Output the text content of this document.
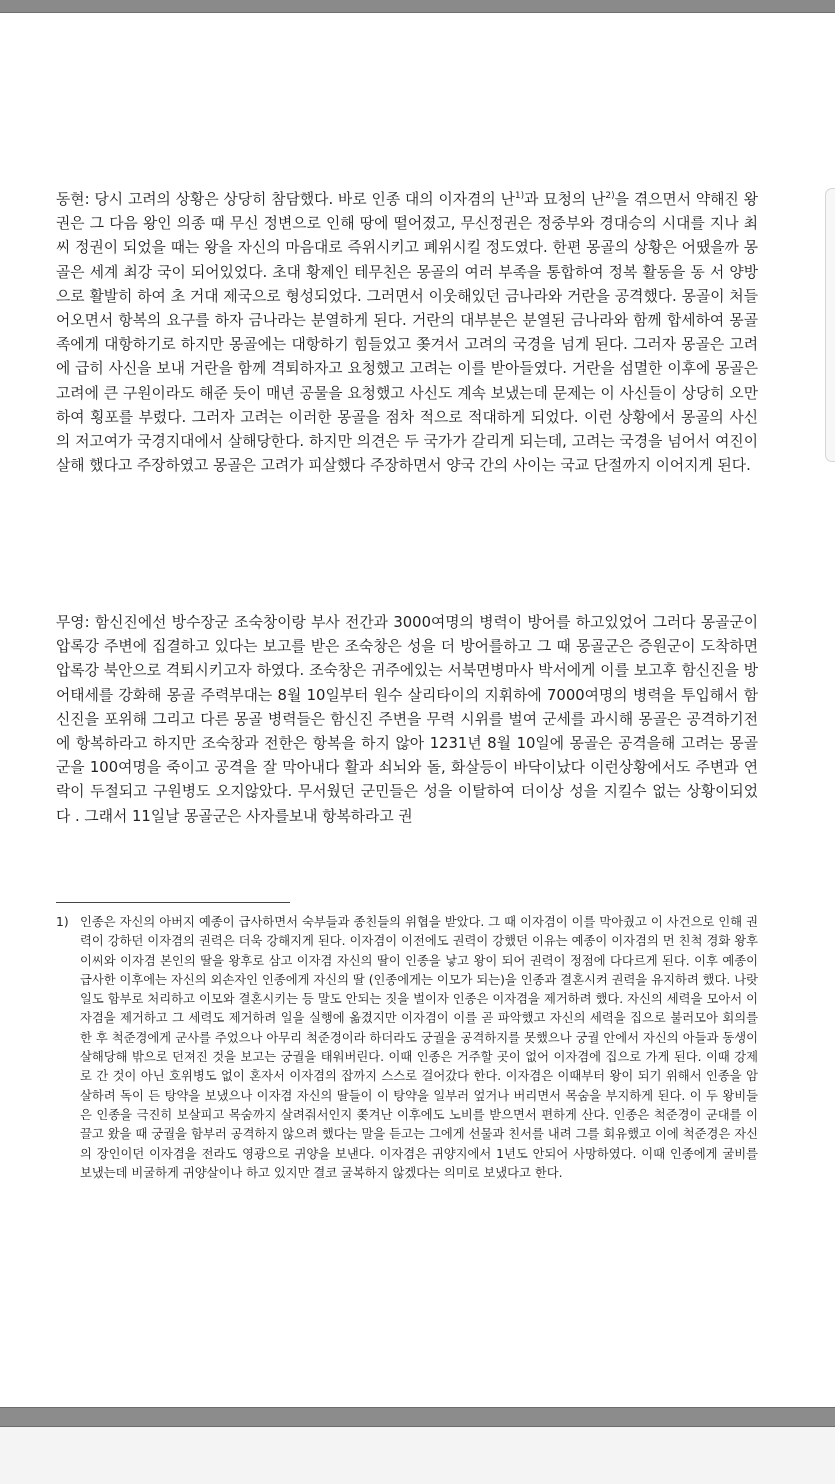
동현: 당시 고려의 상황은 상당히 참담했다. 바로 인종 대의 이자겸의 난$^{1)}$과 묘청의 난$^{2)}$을 겪으면서 약해진 왕권은 그 다음 왕인 의종 때 무신 정변으로 인해 땅에 떨어졌고, 무신정권은 정중부와 경대승의 시대를 지나 최씨 정권이 되었을 때는 왕을 자신의 마음대로 즉위시키고 폐위시킬 정도였다. 한편 몽골의 상황은 어땠을까 몽골은 세계 최강 국이 되어있었다. 초대 황제인 테무친은 몽골의 여러 부족을 통합하여 정복 활동을 동 서 양방으로 활발히 하여 초 거대 제국으로 형성되었다. 그러면서 이웃해있던 금나라와 거란을 공격했다. 몽골이 처들어오면서 항복의 요구를 하자 금나라는 분열하게 된다. 거란의 대부분은 분열된 금나라와 함께 합세하여 몽골족에게 대항하기로 하지만 몽골에는 대항하기 힘들었고 쫒겨서 고려의 국경을 넘게 된다. 그러자 몽골은 고려에 급히 사신을 보내 거란을 함께 격퇴하자고 요청했고 고려는 이를 받아들였다. 거란을 섬멸한 이후에 몽골은 고려에 큰 구원이라도 해준 듯이 매년 공물을 요청했고 사신도 계속 보냈는데 문제는 이 사신들이 상당히 오만하여 횡포를 부렸다. 그러자 고려는 이러한 몽골을 점차 적으로 적대하게 되었다. 이런 상황에서 몽골의 사신의 저고여가 국경지대에서 살해당한다. 하지만 의견은 두 국가가 갈리게 되는데, 고려는 국경을 넘어서 여진이 살해 했다고 주장하였고 몽골은 고려가 피살했다 주장하면서 양국 간의 사이는 국교 단절까지 이어지게 된다.

무영: 함신진에선 방수장군 조숙창이랑 부사 전간과 3000여명의 병력이 방어를 하고있었어 그러다 몽골군이 압록강 주변에 집결하고 있다는 보고를 받은 조숙창은 성을 더 방어를하고 그 때 몽골군은 증원군이 도착하면 압록강 북안으로 격퇴시키고자 하였다. 조숙창은 귀주에있는 서북면병마사 박서에게 이를 보고후 함신진을 방어태세를 강화해 몽골 주력부대는 8월 10일부터 원수 살리타이의 지휘하에 7000여명의 병력을 투입해서 함신진을 포위해 그리고 다른 몽골 병력들은 함신진 주변을 무력 시위를 벌여 군세를 과시해 몽골은 공격하기전에 항복하라고 하지만 조숙창과 전한은 항복을 하지 않아 1231년 8월 10일에 몽골은 공격을해 고려는 몽골군을 100여명을 죽이고 공격을 잘 막아내다 활과 쇠뇌와 돌, 화살등이 바닥이났다 이런상황에서도 주변과 연락이 두절되고 구원병도 오지않았다. 무서웠던 군민들은 성을 이탈하여 더이상 성을 지킬수 없는 상황이되었다 . 그래서 11일날 몽골군은 사자를보내 항복하라고 권

1) 인종은 자신의 아버지 예종이 급사하면서 숙부들과 종친들의 위협을 받았다. 그 때 이자겸이 이를 막아줬고 이 사건으로 인해 권력이 강하던 이자겸의 권력은 더욱 강해지게 된다. 이자겸이 이전에도 권력이 강했던 이유는 예종이 이자겸의 먼 친척 경화 왕후 이씨와 이자겸 본인의 딸을 왕후로 삼고 이자겸 자신의 딸이 인종을 낳고 왕이 되어 권력이 정점에 다다르게 된다. 이후 예종이 급사한 이후에는 자신의 외손자인 인종에게 자신의 딸 (인종에게는 이모가 되는)을 인종과 결혼시켜 권력을 유지하려 했다. 나랏일도 함부로 처리하고 이모와 결혼시키는 등 말도 안되는 짓을 벌이자 인종은 이자겸을 제거하려 했다. 자신의 세력을 모아서 이자겸을 제거하고 그 세력도 제거하려 일을 실행에 옮겼지만 이자겸이 이를 곧 파악했고 자신의 세력을 집으로 불러모아 회의를 한 후 척준경에게 군사를 주었으나 아무리 척준경이라 하더라도 궁궐을 공격하지를 못했으나 궁궐 안에서 자신의 아들과 동생이 살해당해 밖으로 던져진 것을 보고는 궁궐을 태워버린다. 이때 인종은 거주할 곳이 없어 이자겸에 집으로 가게 된다. 이때 강제로 간 것이 아닌 호위병도 없이 혼자서 이자겸의 잡까지 스스로 걸어갔다 한다. 이자겸은 이때부터 왕이 되기 위해서 인종을 암살하려 독이 든 탕약을 보냈으나 이자겸 자신의 딸들이 이 탕약을 일부러 엎거나 버리면서 목숨을 부지하게 된다. 이 두 왕비들은 인종을 극진히 보살피고 목숨까지 살려줘서인지 쫒겨난 이후에도 노비를 받으면서 편하게 산다. 인종은 척준경이 군대를 이끌고 왔을 때 궁궐을 함부러 공격하지 않으려 했다는 말을 듣고는 그에게 선물과 친서를 내려 그를 회유했고 이에 척준경은 자신의 장인이던 이자겸을 전라도 영광으로 귀양을 보낸다. 이자겸은 귀양지에서 1년도 안되어 사망하였다. 이때 인종에게 굴비를 보냈는데 비굴하게 귀양살이나 하고 있지만 결코 굴복하지 않겠다는 의미로 보냈다고 한다.
